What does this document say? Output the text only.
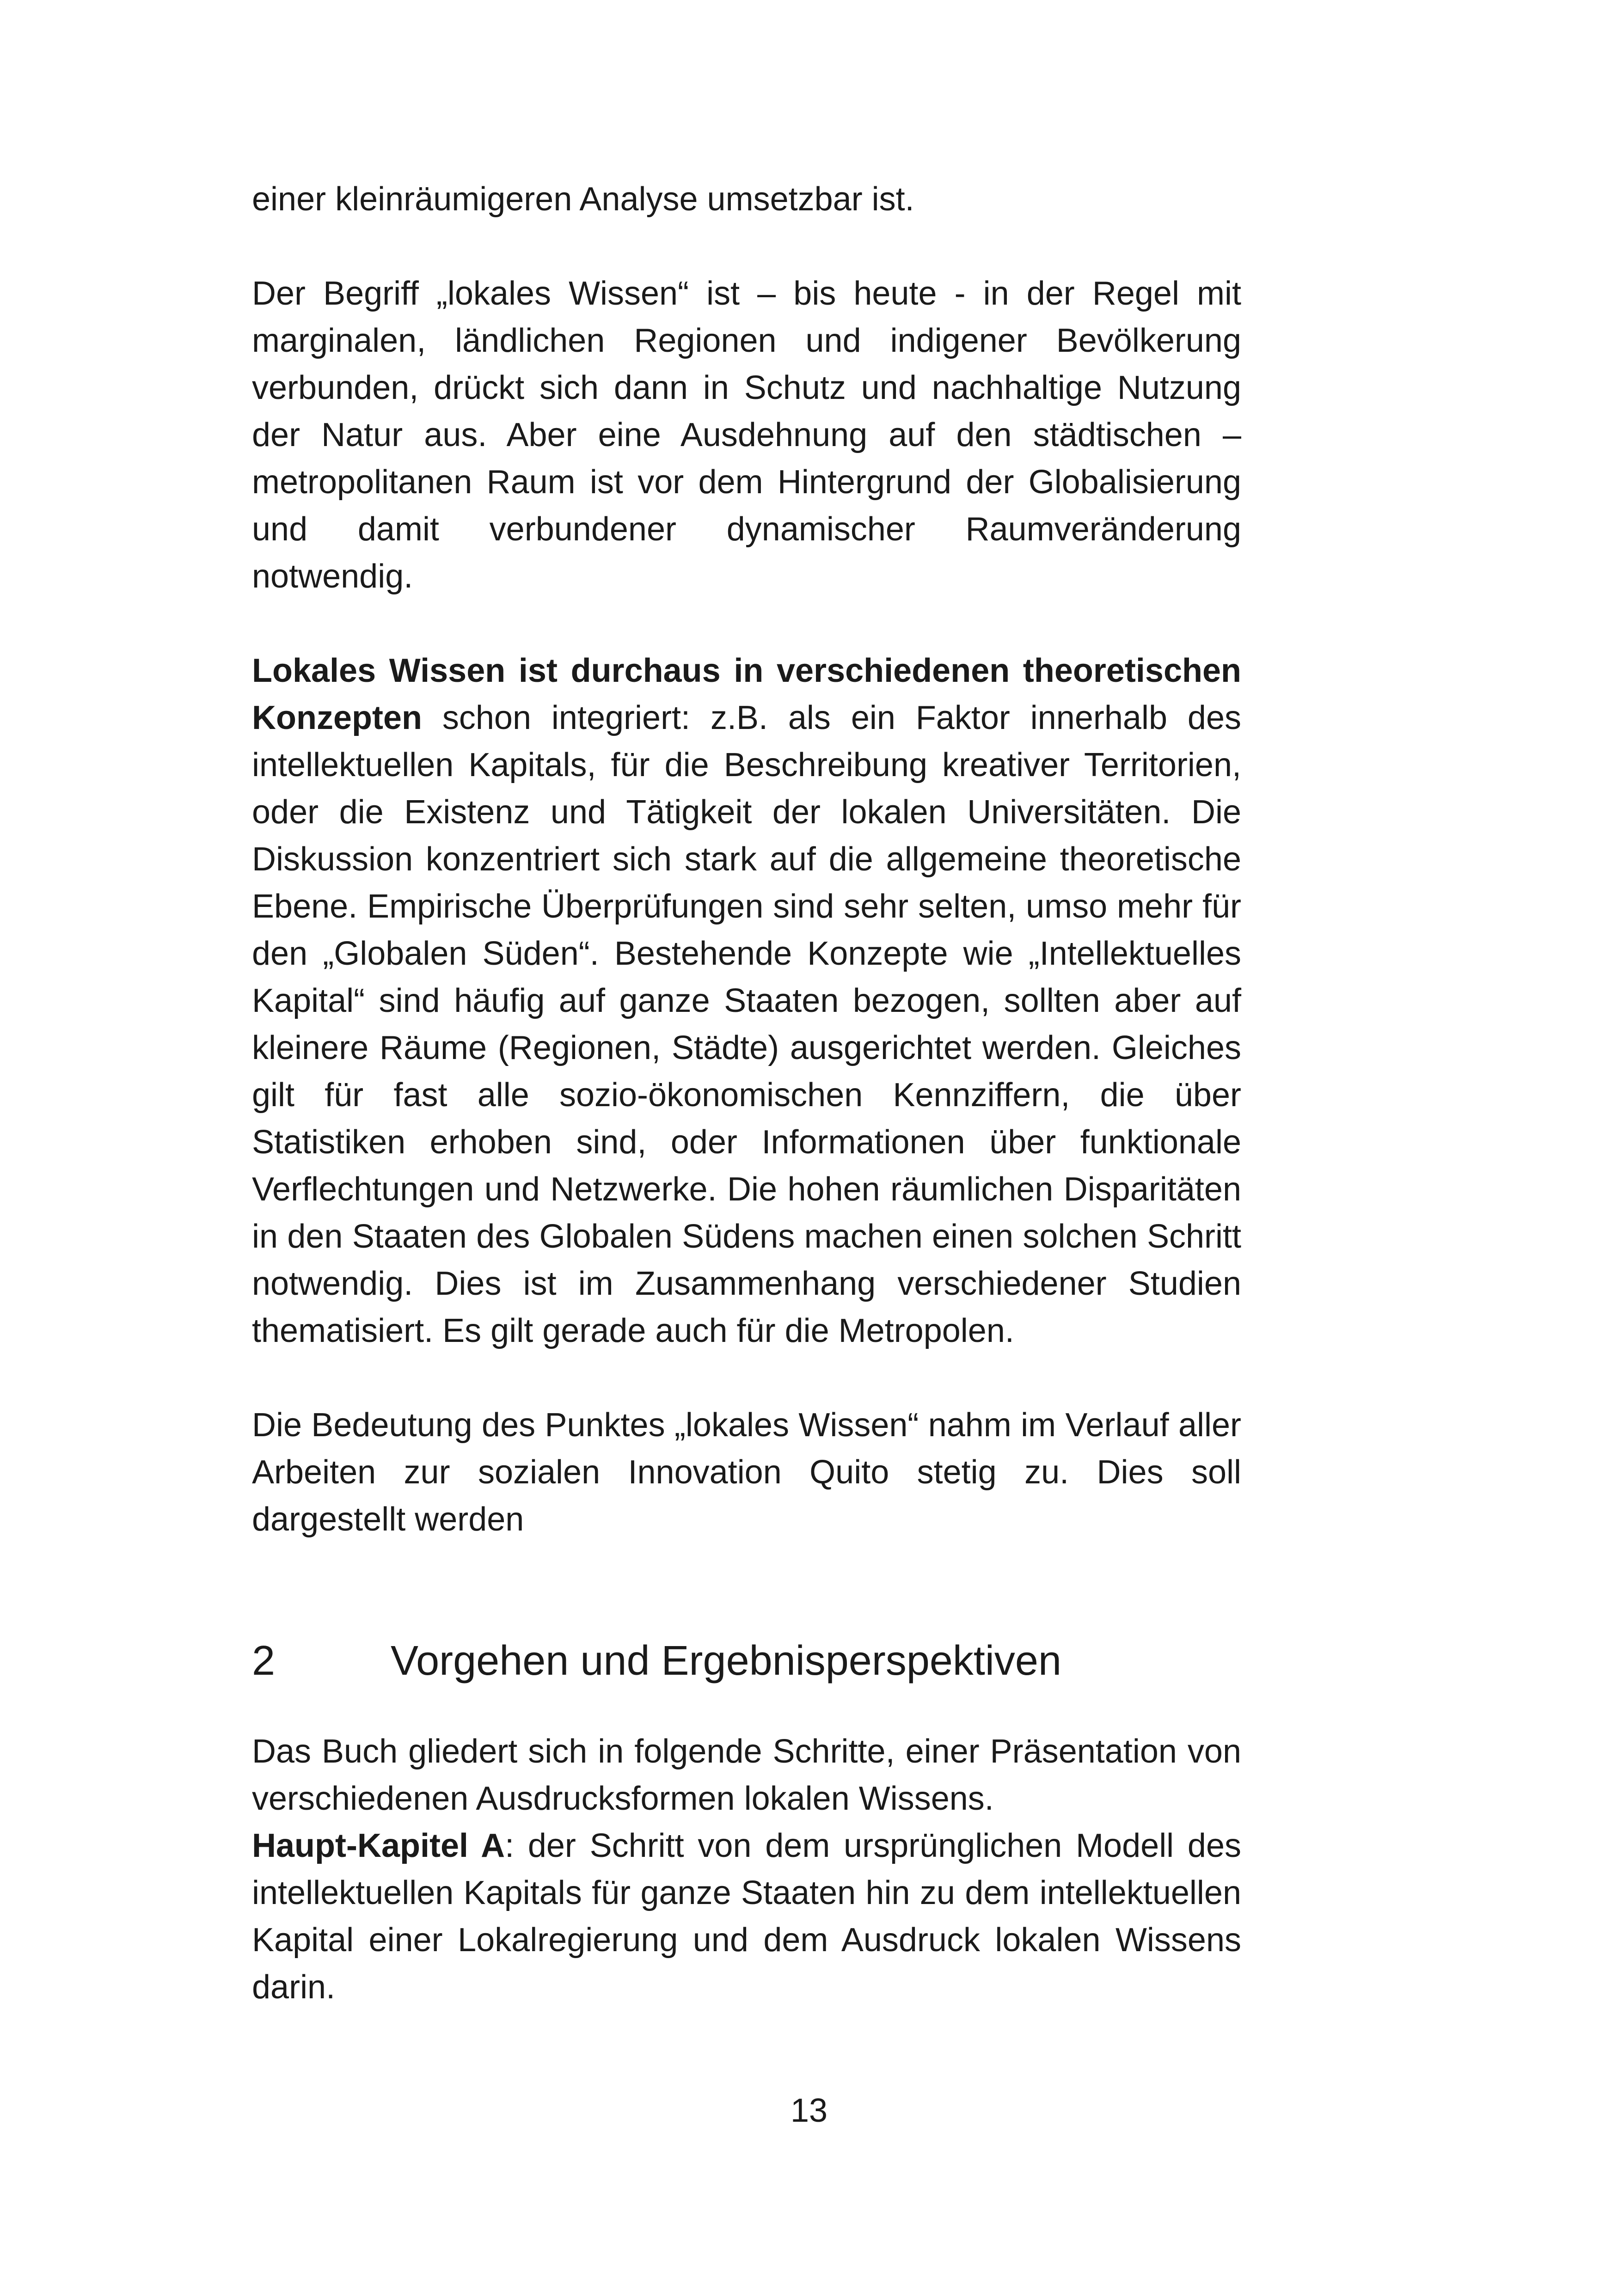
einer kleinräumigeren Analyse umsetzbar ist.

Der Begriff „lokales Wissen“ ist – bis heute - in der Regel mit marginalen, ländlichen Regionen und indigener Bevölkerung verbunden, drückt sich dann in Schutz und nachhaltige Nutzung der Natur aus. Aber eine Ausdehnung auf den städtischen – metropolitanen Raum ist vor dem Hintergrund der Globalisierung und damit verbundener dynamischer Raumveränderung notwendig.

Lokales Wissen ist durchaus in verschiedenen theoretischen Konzepten schon integriert: z.B. als ein Faktor innerhalb des intellektuellen Kapitals, für die Beschreibung kreativer Territorien, oder die Existenz und Tätigkeit der lokalen Universitäten. Die Diskussion konzentriert sich stark auf die allgemeine theoretische Ebene. Empirische Überprüfungen sind sehr selten, umso mehr für den „Globalen Süden“. Bestehende Konzepte wie „Intellektuelles Kapital“ sind häufig auf ganze Staaten bezogen, sollten aber auf kleinere Räume (Regionen, Städte) ausgerichtet werden. Gleiches gilt für fast alle sozio-ökonomischen Kennziffern, die über Statistiken erhoben sind, oder Informationen über funktionale Verflechtungen und Netzwerke. Die hohen räumlichen Disparitäten in den Staaten des Globalen Südens machen einen solchen Schritt notwendig. Dies ist im Zusammenhang verschiedener Studien thematisiert. Es gilt gerade auch für die Metropolen.

Die Bedeutung des Punktes „lokales Wissen“ nahm im Verlauf aller Arbeiten zur sozialen Innovation Quito stetig zu. Dies soll dargestellt werden

2	Vorgehen und Ergebnisperspektiven

Das Buch gliedert sich in folgende Schritte, einer Präsentation von verschiedenen Ausdrucksformen lokalen Wissens.

Haupt-Kapitel A: der Schritt von dem ursprünglichen Modell des intellektuellen Kapitals für ganze Staaten hin zu dem intellektuellen Kapital einer Lokalregierung und dem Ausdruck lokalen Wissens darin.

13
